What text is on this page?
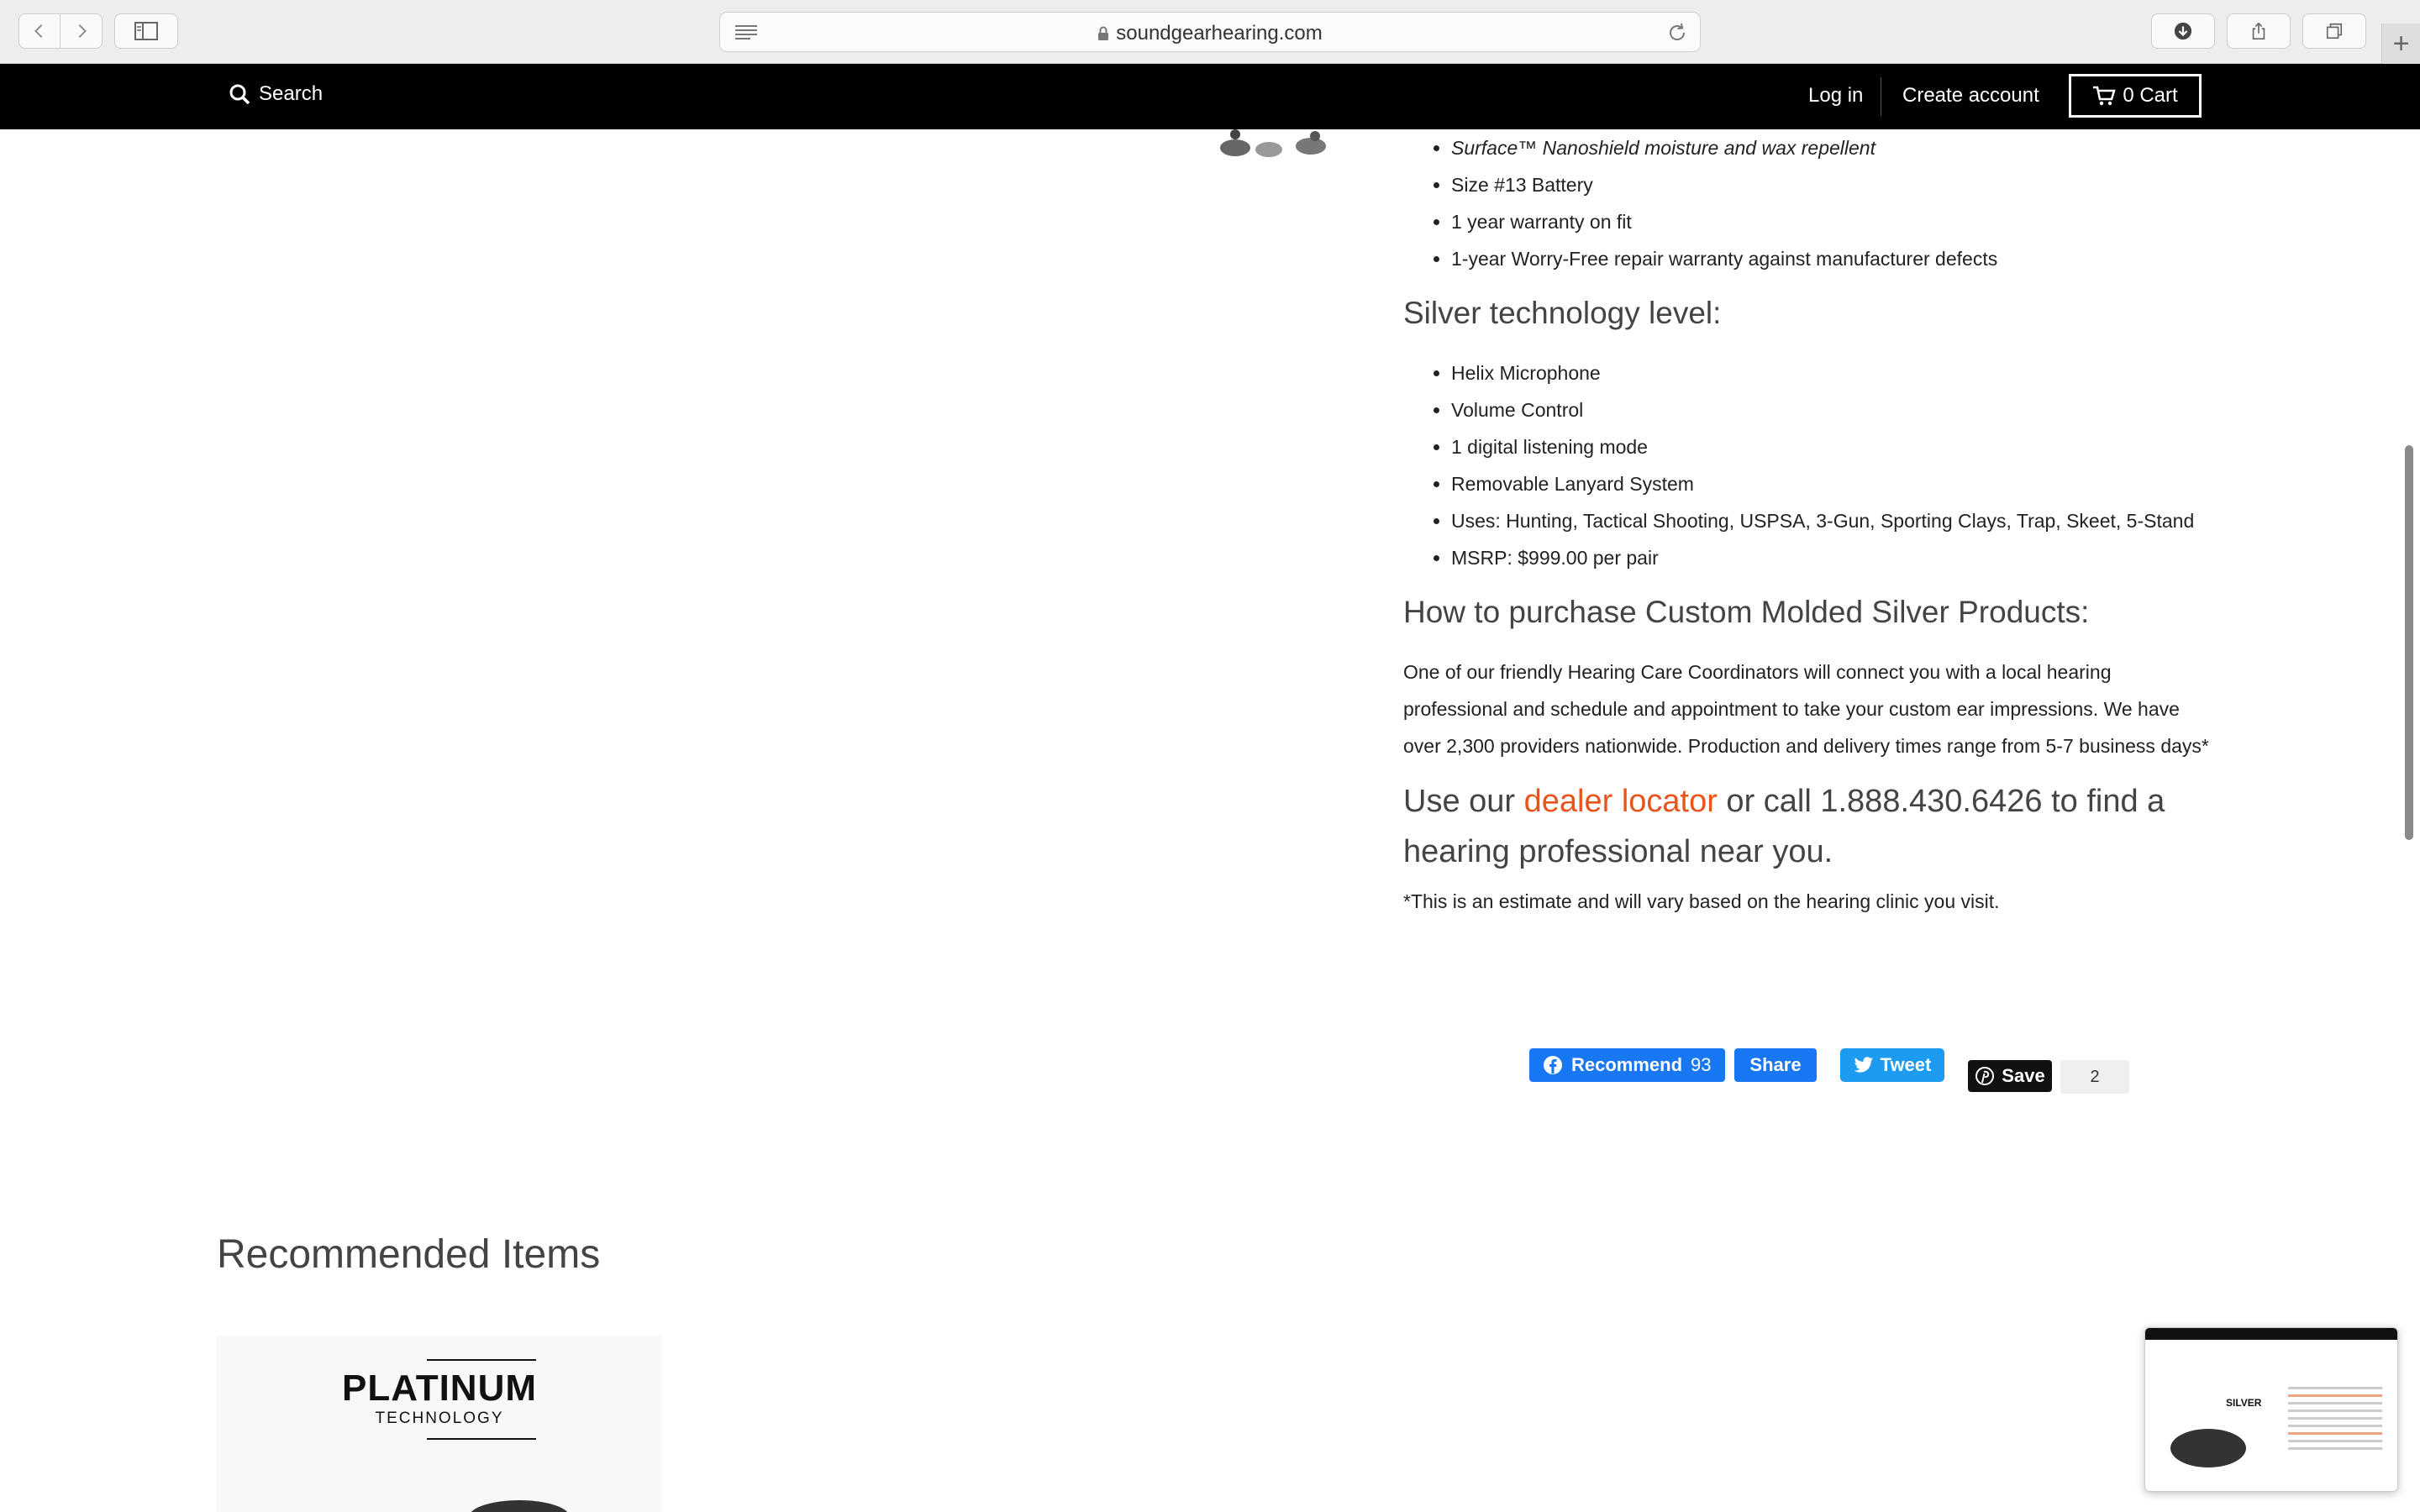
soundgearhearing.com	+
Search	Log in Create account	0 Cart
• Surface™ Nanoshield moisture and wax repellent
• Size #13 Battery
• 1 year warranty on fit
• 1-year Worry-Free repair warranty against manufacturer defects
Silver technology level:
• Helix Microphone
• Volume Control
• 1 digital listening mode
• Removable Lanyard System
• Uses: Hunting, Tactical Shooting, USPSA, 3-Gun, Sporting Clays, Trap, Skeet, 5-Stand
• MSRP: $999.00 per pair
How to purchase Custom Molded Silver Products:

One of our friendly Hearing Care Coordinators will connect you with a local hearing professional and schedule and appointment to take your custom ear impressions. We have over 2,300 providers nationwide. Production and delivery times range from 5-7 business days*

Use our dealer locator or call 1.888.430.6426 to find a hearing professional near you.

*This is an estimate and will vary based on the hearing clinic you visit.

Recommend 93	Share	Tweet
Save	2
Recommended Items
PLATINUM
TECHNOLOGY
SILVER
